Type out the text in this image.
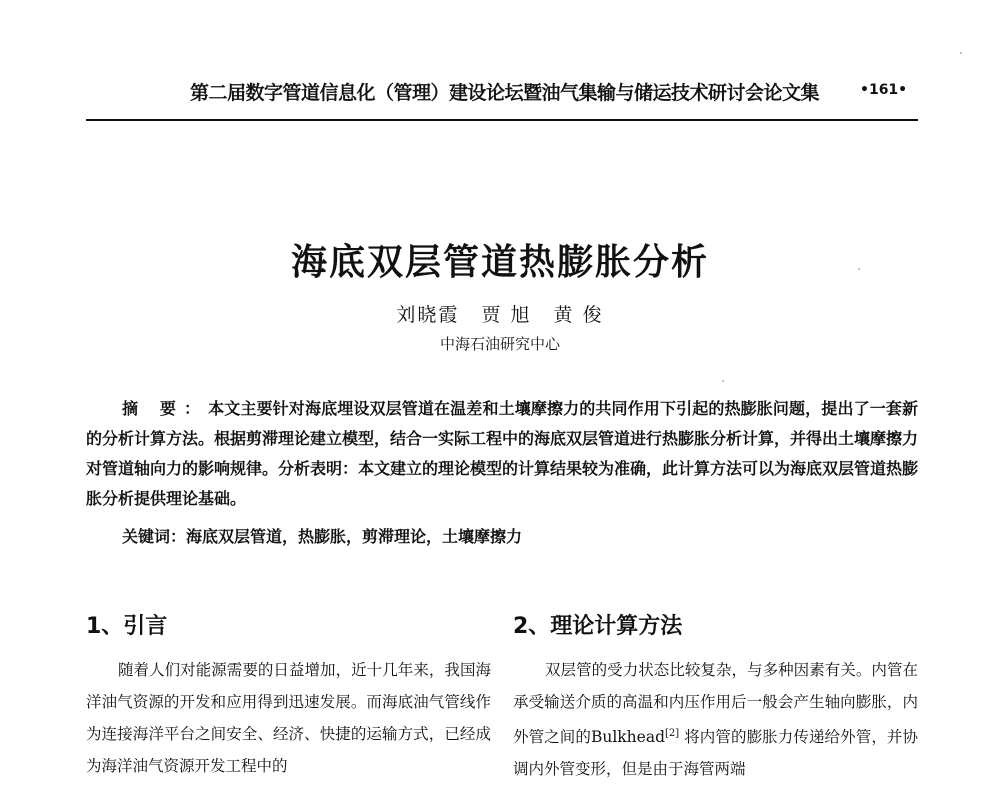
第二届数字管道信息化（管理）建设论坛暨油气集输与储运技术研讨会论文集	•161•
海底双层管道热膨胀分析
刘晓霞 贾 旭 黄 俊
中海石油研究中心

摘 要：本文主要针对海底埋设双层管道在温差和土壤摩擦力的共同作用下引起的热膨胀问题，提出了一套新的分析计算方法。根据剪滞理论建立模型，结合一实际工程中的海底双层管道进行热膨胀分析计算，并得出土壤摩擦力对管道轴向力的影响规律。分析表明：本文建立的理论模型的计算结果较为准确，此计算方法可以为海底双层管道热膨胀分析提供理论基础。

关键词：海底双层管道，热膨胀，剪滞理论，土壤摩擦力

1、引言

随着人们对能源需要的日益增加，近十几年来，我国海洋油气资源的开发和应用得到迅速发展。而海底油气管线作为连接海洋平台之间安全、经济、快捷的运输方式，已经成为海洋油气资源开发工程中的

2、理论计算方法

双层管的受力状态比较复杂，与多种因素有关。内管在承受输送介质的高温和内压作用后一般会产生轴向膨胀，内外管之间的Bulkhead[2] 将内管的膨胀力传递给外管，并协调内外管变形，但是由于海管两端
